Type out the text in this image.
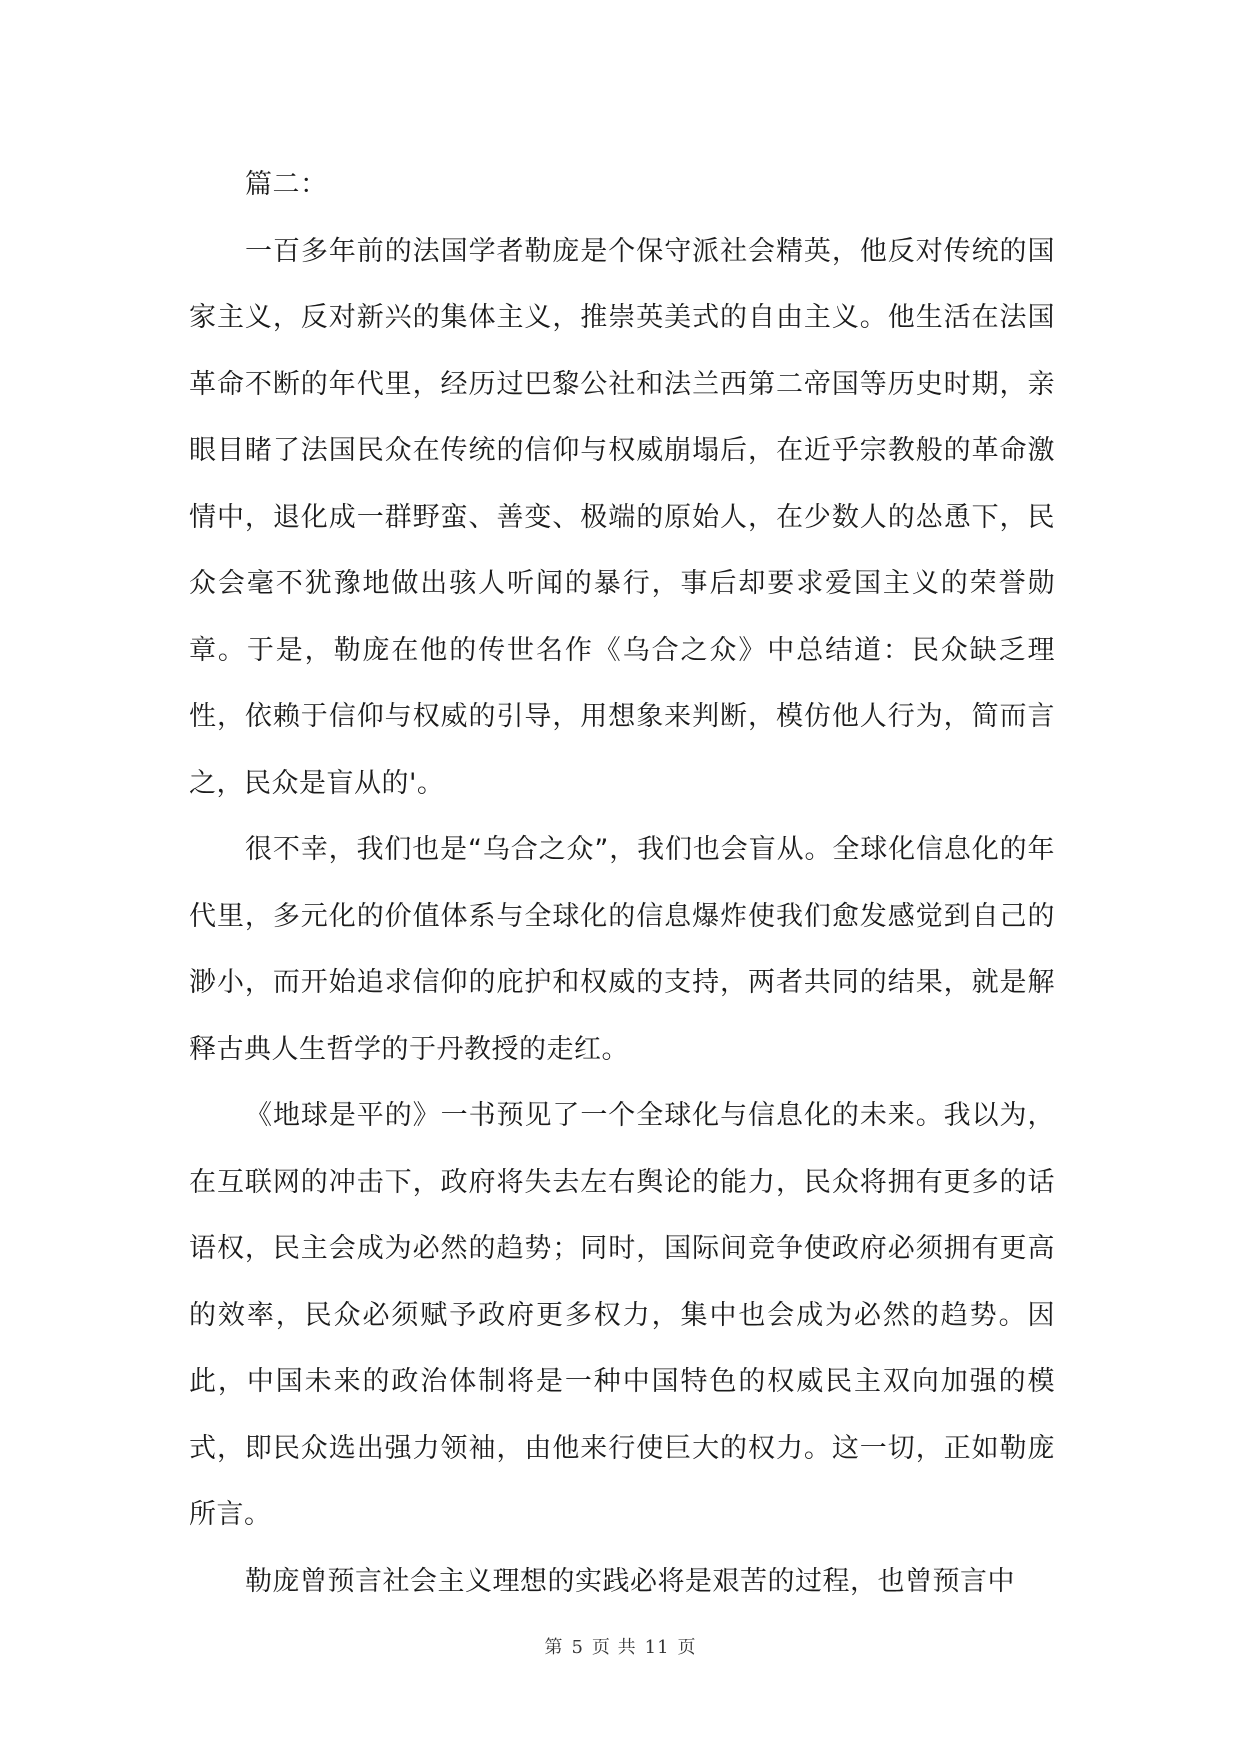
篇二：

一百多年前的法国学者勒庞是个保守派社会精英，他反对传统的国家主义，反对新兴的集体主义，推崇英美式的自由主义。他生活在法国革命不断的年代里，经历过巴黎公社和法兰西第二帝国等历史时期，亲眼目睹了法国民众在传统的信仰与权威崩塌后，在近乎宗教般的革命激情中，退化成一群野蛮、善变、极端的原始人，在少数人的怂恿下，民众会毫不犹豫地做出骇人听闻的暴行，事后却要求爱国主义的荣誉勋章。于是，勒庞在他的传世名作《乌合之众》中总结道：民众缺乏理性，依赖于信仰与权威的引导，用想象来判断，模仿他人行为，简而言之，民众是盲从的'。

很不幸，我们也是“乌合之众”，我们也会盲从。全球化信息化的年代里，多元化的价值体系与全球化的信息爆炸使我们愈发感觉到自己的渺小，而开始追求信仰的庇护和权威的支持，两者共同的结果，就是解释古典人生哲学的于丹教授的走红。

《地球是平的》一书预见了一个全球化与信息化的未来。我以为，在互联网的冲击下，政府将失去左右舆论的能力，民众将拥有更多的话语权，民主会成为必然的趋势；同时，国际间竞争使政府必须拥有更高的效率，民众必须赋予政府更多权力，集中也会成为必然的趋势。因此，中国未来的政治体制将是一种中国特色的权威民主双向加强的模式，即民众选出强力领袖，由他来行使巨大的权力。这一切，正如勒庞所言。

勒庞曾预言社会主义理想的实践必将是艰苦的过程，也曾预言中

第 5 页 共 11 页
